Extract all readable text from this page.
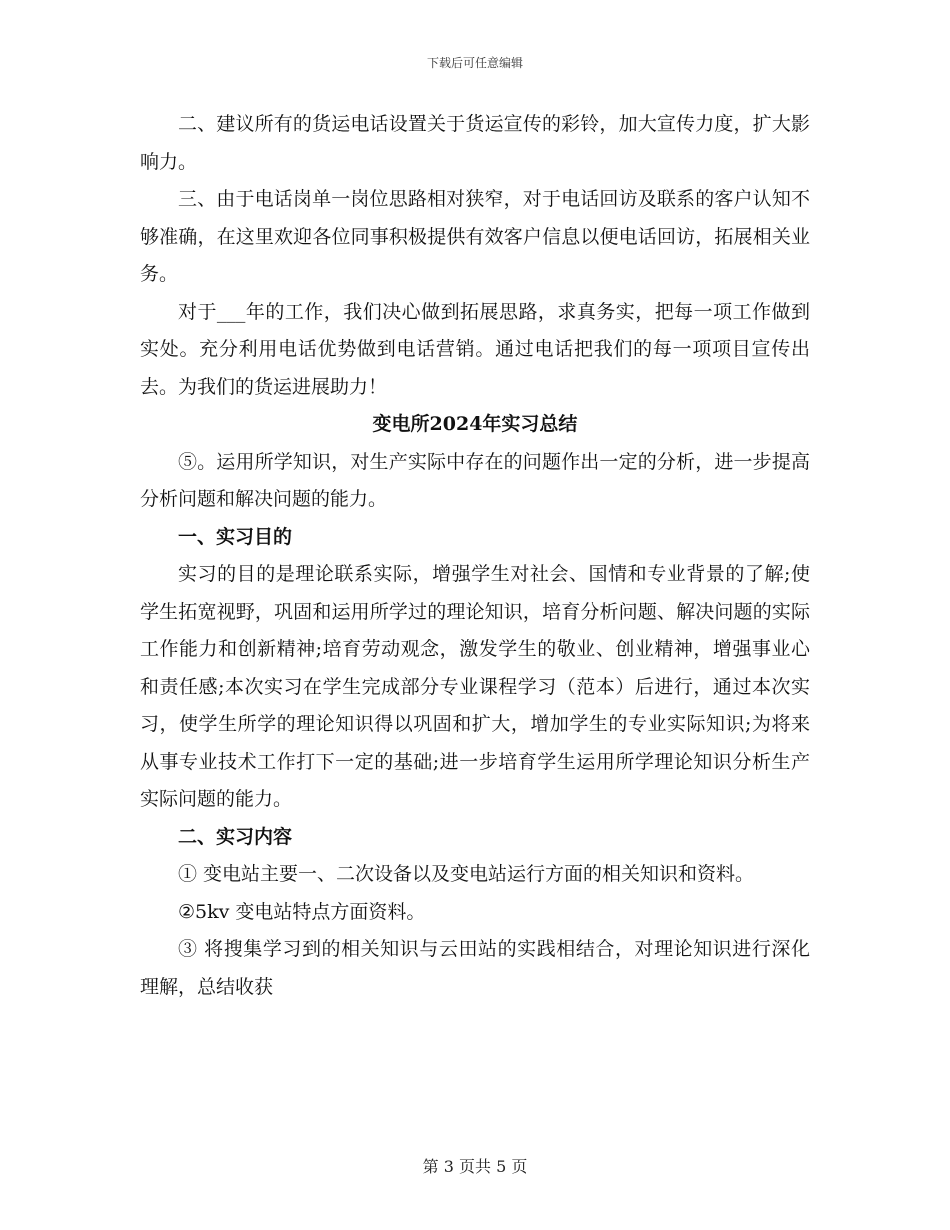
下载后可任意编辑

二、建议所有的货运电话设置关于货运宣传的彩铃，加大宣传力度，扩大影响力。

三、由于电话岗单一岗位思路相对狭窄，对于电话回访及联系的客户认知不够准确，在这里欢迎各位同事积极提供有效客户信息以便电话回访，拓展相关业务。

对于___年的工作，我们决心做到拓展思路，求真务实，把每一项工作做到实处。充分利用电话优势做到电话营销。通过电话把我们的每一项项目宣传出去。为我们的货运进展助力！

变电所2024年实习总结

⑤。运用所学知识，对生产实际中存在的问题作出一定的分析，进一步提高分析问题和解决问题的能力。

一、实习目的

实习的目的是理论联系实际，增强学生对社会、国情和专业背景的了解;使学生拓宽视野，巩固和运用所学过的理论知识，培育分析问题、解决问题的实际工作能力和创新精神;培育劳动观念，激发学生的敬业、创业精神，增强事业心和责任感;本次实习在学生完成部分专业课程学习（范本）后进行，通过本次实习，使学生所学的理论知识得以巩固和扩大，增加学生的专业实际知识;为将来从事专业技术工作打下一定的基础;进一步培育学生运用所学理论知识分析生产实际问题的能力。

二、实习内容

① 变电站主要一、二次设备以及变电站运行方面的相关知识和资料。

②5kv 变电站特点方面资料。

③ 将搜集学习到的相关知识与云田站的实践相结合，对理论知识进行深化理解，总结收获

第 3 页共 5 页
